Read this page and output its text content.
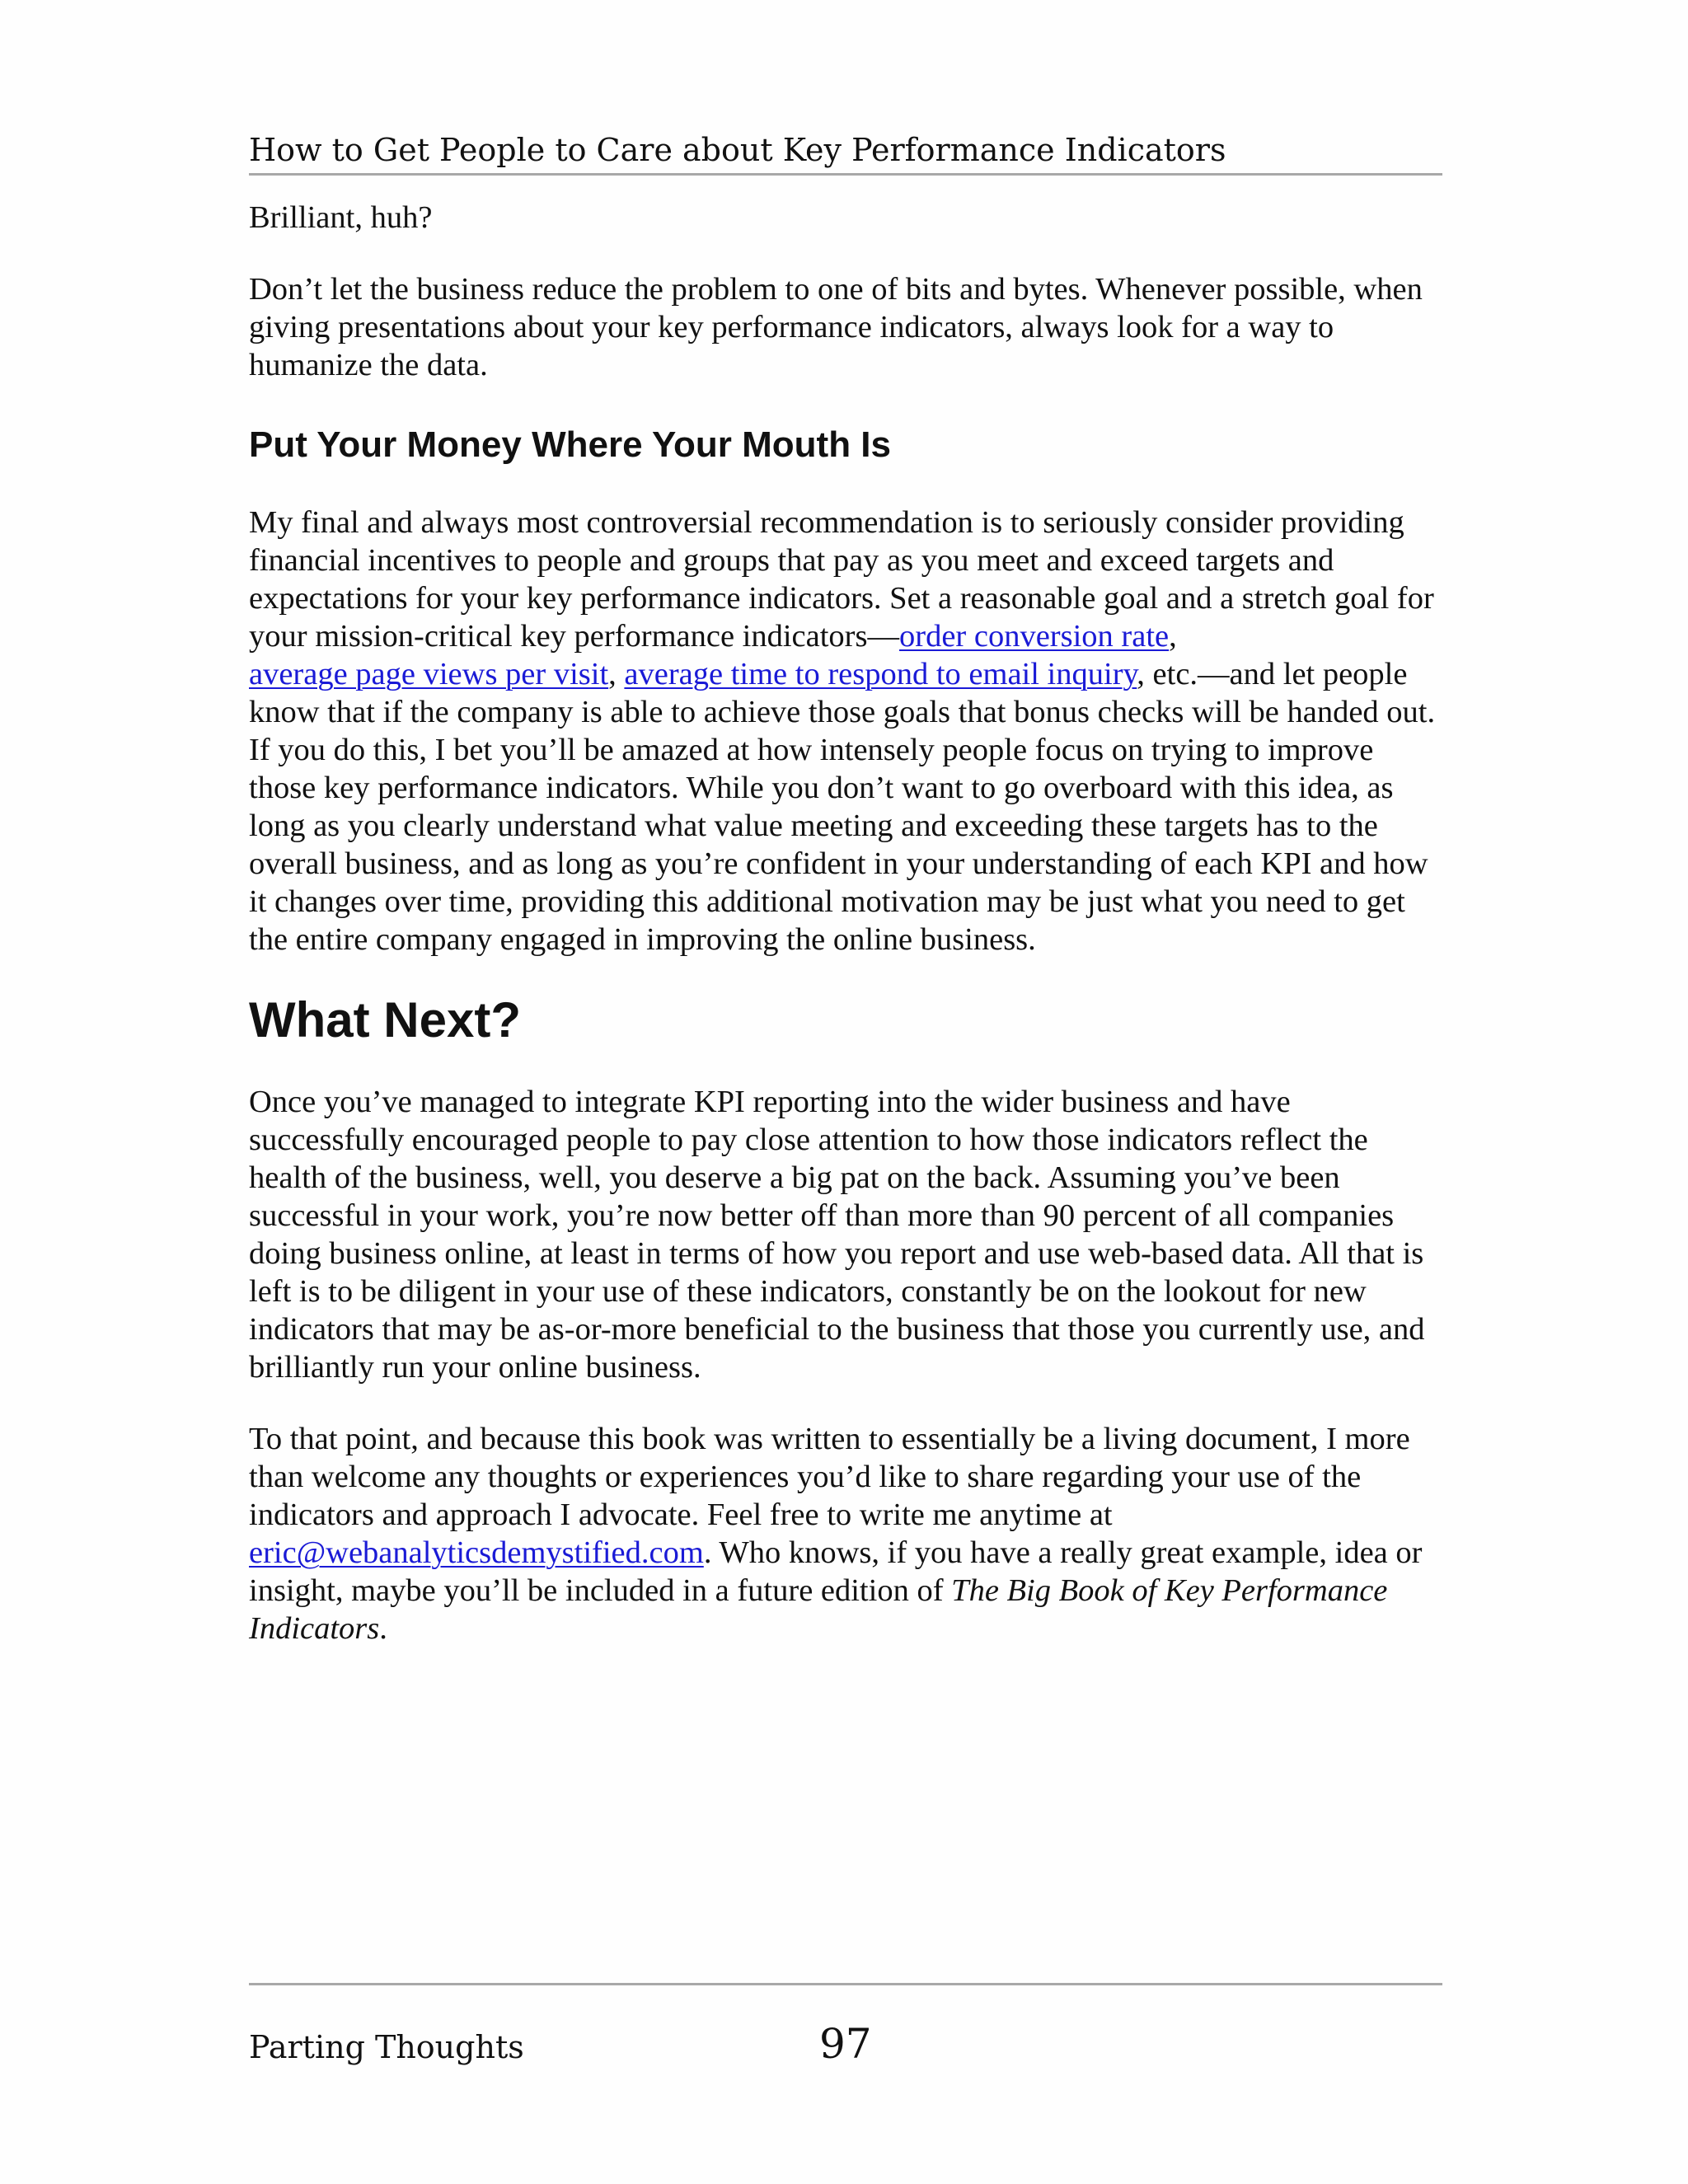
How to Get People to Care about Key Performance Indicators

Brilliant, huh?

Don’t let the business reduce the problem to one of bits and bytes. Whenever possible, when giving presentations about your key performance indicators, always look for a way to humanize the data.

Put Your Money Where Your Mouth Is

My final and always most controversial recommendation is to seriously consider providing financial incentives to people and groups that pay as you meet and exceed targets and expectations for your key performance indicators. Set a reasonable goal and a stretch goal for your mission-critical key performance indicators—order conversion rate,
average page views per visit, average time to respond to email inquiry, etc.—and let people know that if the company is able to achieve those goals that bonus checks will be handed out. If you do this, I bet you’ll be amazed at how intensely people focus on trying to improve those key performance indicators. While you don’t want to go overboard with this idea, as long as you clearly understand what value meeting and exceeding these targets has to the overall business, and as long as you’re confident in your understanding of each KPI and how it changes over time, providing this additional motivation may be just what you need to get the entire company engaged in improving the online business.

What Next?

Once you’ve managed to integrate KPI reporting into the wider business and have successfully encouraged people to pay close attention to how those indicators reflect the health of the business, well, you deserve a big pat on the back. Assuming you’ve been successful in your work, you’re now better off than more than 90 percent of all companies doing business online, at least in terms of how you report and use web-based data. All that is left is to be diligent in your use of these indicators, constantly be on the lookout for new indicators that may be as-or-more beneficial to the business that those you currently use, and brilliantly run your online business.

To that point, and because this book was written to essentially be a living document, I more than welcome any thoughts or experiences you’d like to share regarding your use of the indicators and approach I advocate. Feel free to write me anytime at
eric@webanalyticsdemystified.com. Who knows, if you have a really great example, idea or insight, maybe you’ll be included in a future edition of The Big Book of Key Performance Indicators.

Parting Thoughts	97
